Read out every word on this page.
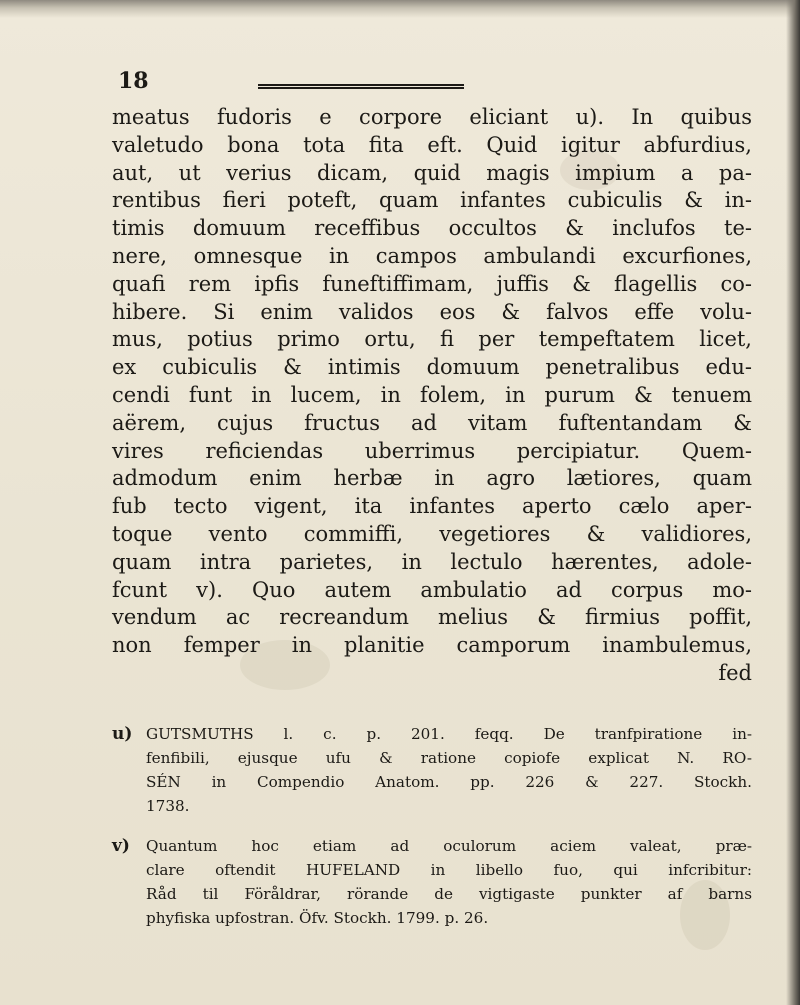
18
meatus fudoris e corpore eliciant u). In quibus
valetudo bona tota fita eft. Quid igitur abfurdius,
aut, ut verius dicam, quid magis impium a pa-
rentibus fieri poteft, quam infantes cubiculis & in-
timis domuum receffibus occultos & inclufos te-
nere, omnesque in campos ambulandi excurfiones,
quafi rem ipfis funeftiffimam, juffis & flagellis co-
hibere. Si enim validos eos & falvos effe volu-
mus, potius primo ortu, fi per tempeftatem licet,
ex cubiculis & intimis domuum penetralibus edu-
cendi funt in lucem, in folem, in purum & tenuem
aërem, cujus fructus ad vitam fuftentandam &
vires reficiendas uberrimus percipiatur. Quem-
admodum enim herbæ in agro lætiores, quam
fub tecto vigent, ita infantes aperto cælo aper-
toque vento commiffi, vegetiores & validiores,
quam intra parietes, in lectulo hærentes, adole-
fcunt v). Quo autem ambulatio ad corpus mo-
vendum ac recreandum melius & firmius poffit,
non femper in planitie camporum inambulemus,
fed
u) GUTSMUTHS l. c. p. 201. feqq. De tranfpiratione in-
fenfibili, ejusque ufu & ratione copiofe explicat N. RO-
SÉN in Compendio Anatom. pp. 226 & 227. Stockh.
1738.
v)	Quantum hoc etiam ad oculorum aciem valeat, præ-
clare oftendit HUFELAND in libello fuo, qui infcribitur:
Råd til Föråldrar, rörande de vigtigaste punkter af barns
phyfiska upfostran. Öfv. Stockh. 1799. p. 26.
